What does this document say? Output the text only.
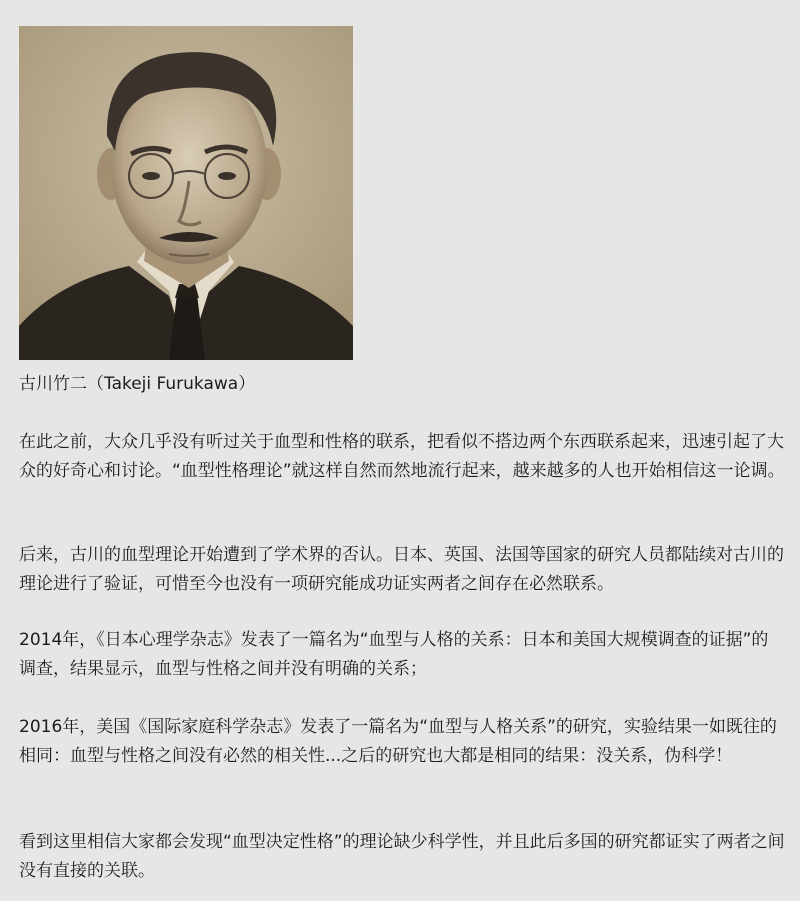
古川竹二（Takeji Furukawa）

在此之前，大众几乎没有听过关于血型和性格的联系，把看似不搭边两个东西联系起来，迅速引起了大众的好奇心和讨论。“血型性格理论”就这样自然而然地流行起来，越来越多的人也开始相信这一论调。

后来，古川的血型理论开始遭到了学术界的否认。日本、英国、法国等国家的研究人员都陆续对古川的理论进行了验证，可惜至今也没有一项研究能成功证实两者之间存在必然联系。

2014年，《日本心理学杂志》发表了一篇名为“血型与人格的关系：日本和美国大规模调查的证据”的调查，结果显示，血型与性格之间并没有明确的关系；

2016年，美国《国际家庭科学杂志》发表了一篇名为“血型与人格关系”的研究，实验结果一如既往的相同：血型与性格之间没有必然的相关性...之后的研究也大都是相同的结果：没关系，伪科学！

看到这里相信大家都会发现“血型决定性格”的理论缺少科学性，并且此后多国的研究都证实了两者之间没有直接的关联。
